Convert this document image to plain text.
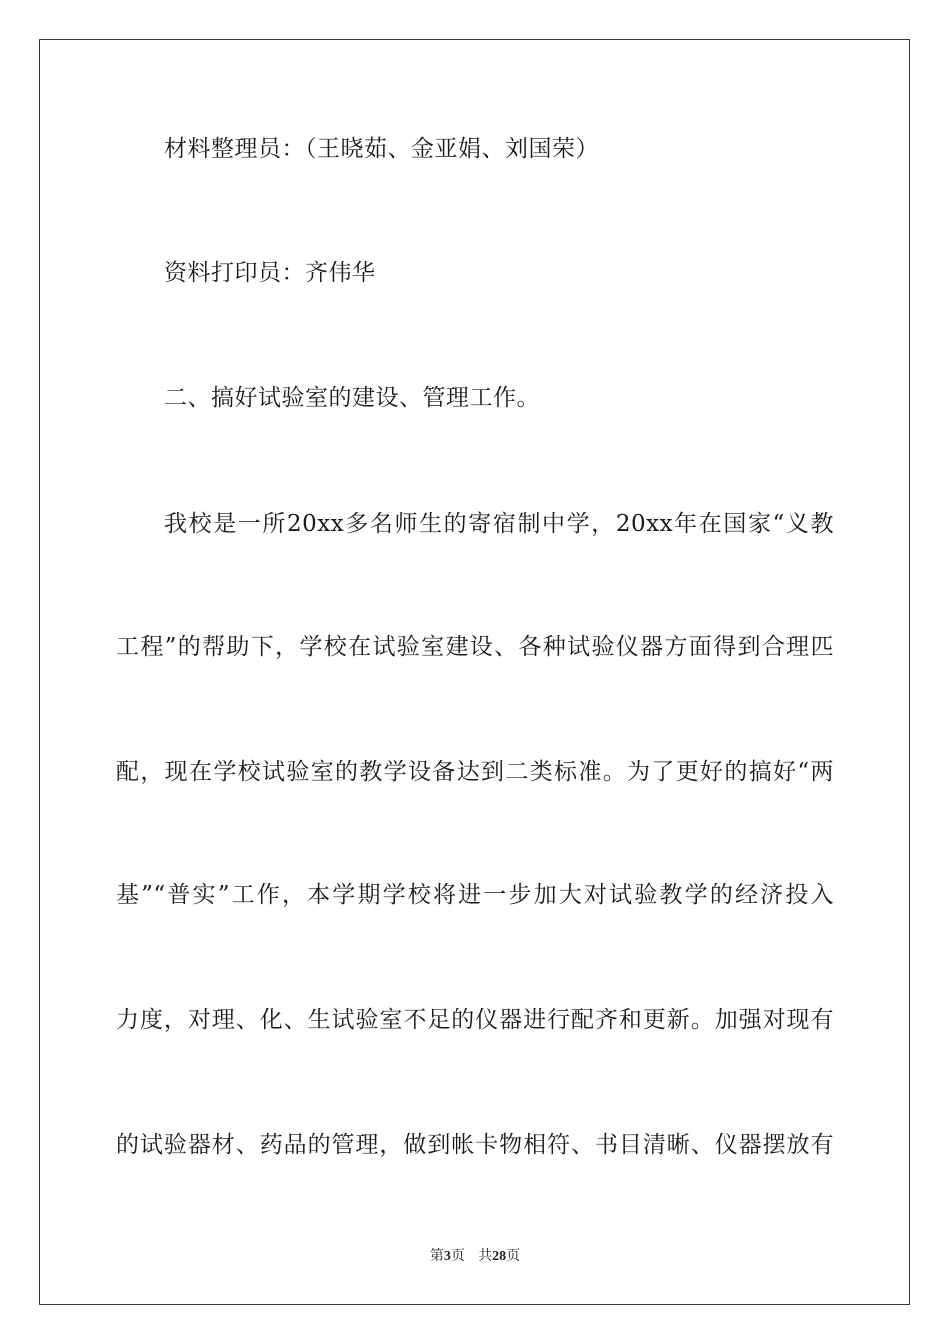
材料整理员：（王晓茹、金亚娟、刘国荣）
资料打印员：齐伟华
二、搞好试验室的建设、管理工作。
我校是一所20xx多名师生的寄宿制中学，20xx年在国家“义教
工程”的帮助下，学校在试验室建设、各种试验仪器方面得到合理匹
配，现在学校试验室的教学设备达到二类标准。为了更好的搞好“两
基”“普实”工作，本学期学校将进一步加大对试验教学的经济投入
力度，对理、化、生试验室不足的仪器进行配齐和更新。加强对现有
的试验器材、药品的管理，做到帐卡物相符、书目清晰、仪器摆放有
第3页 共28页
